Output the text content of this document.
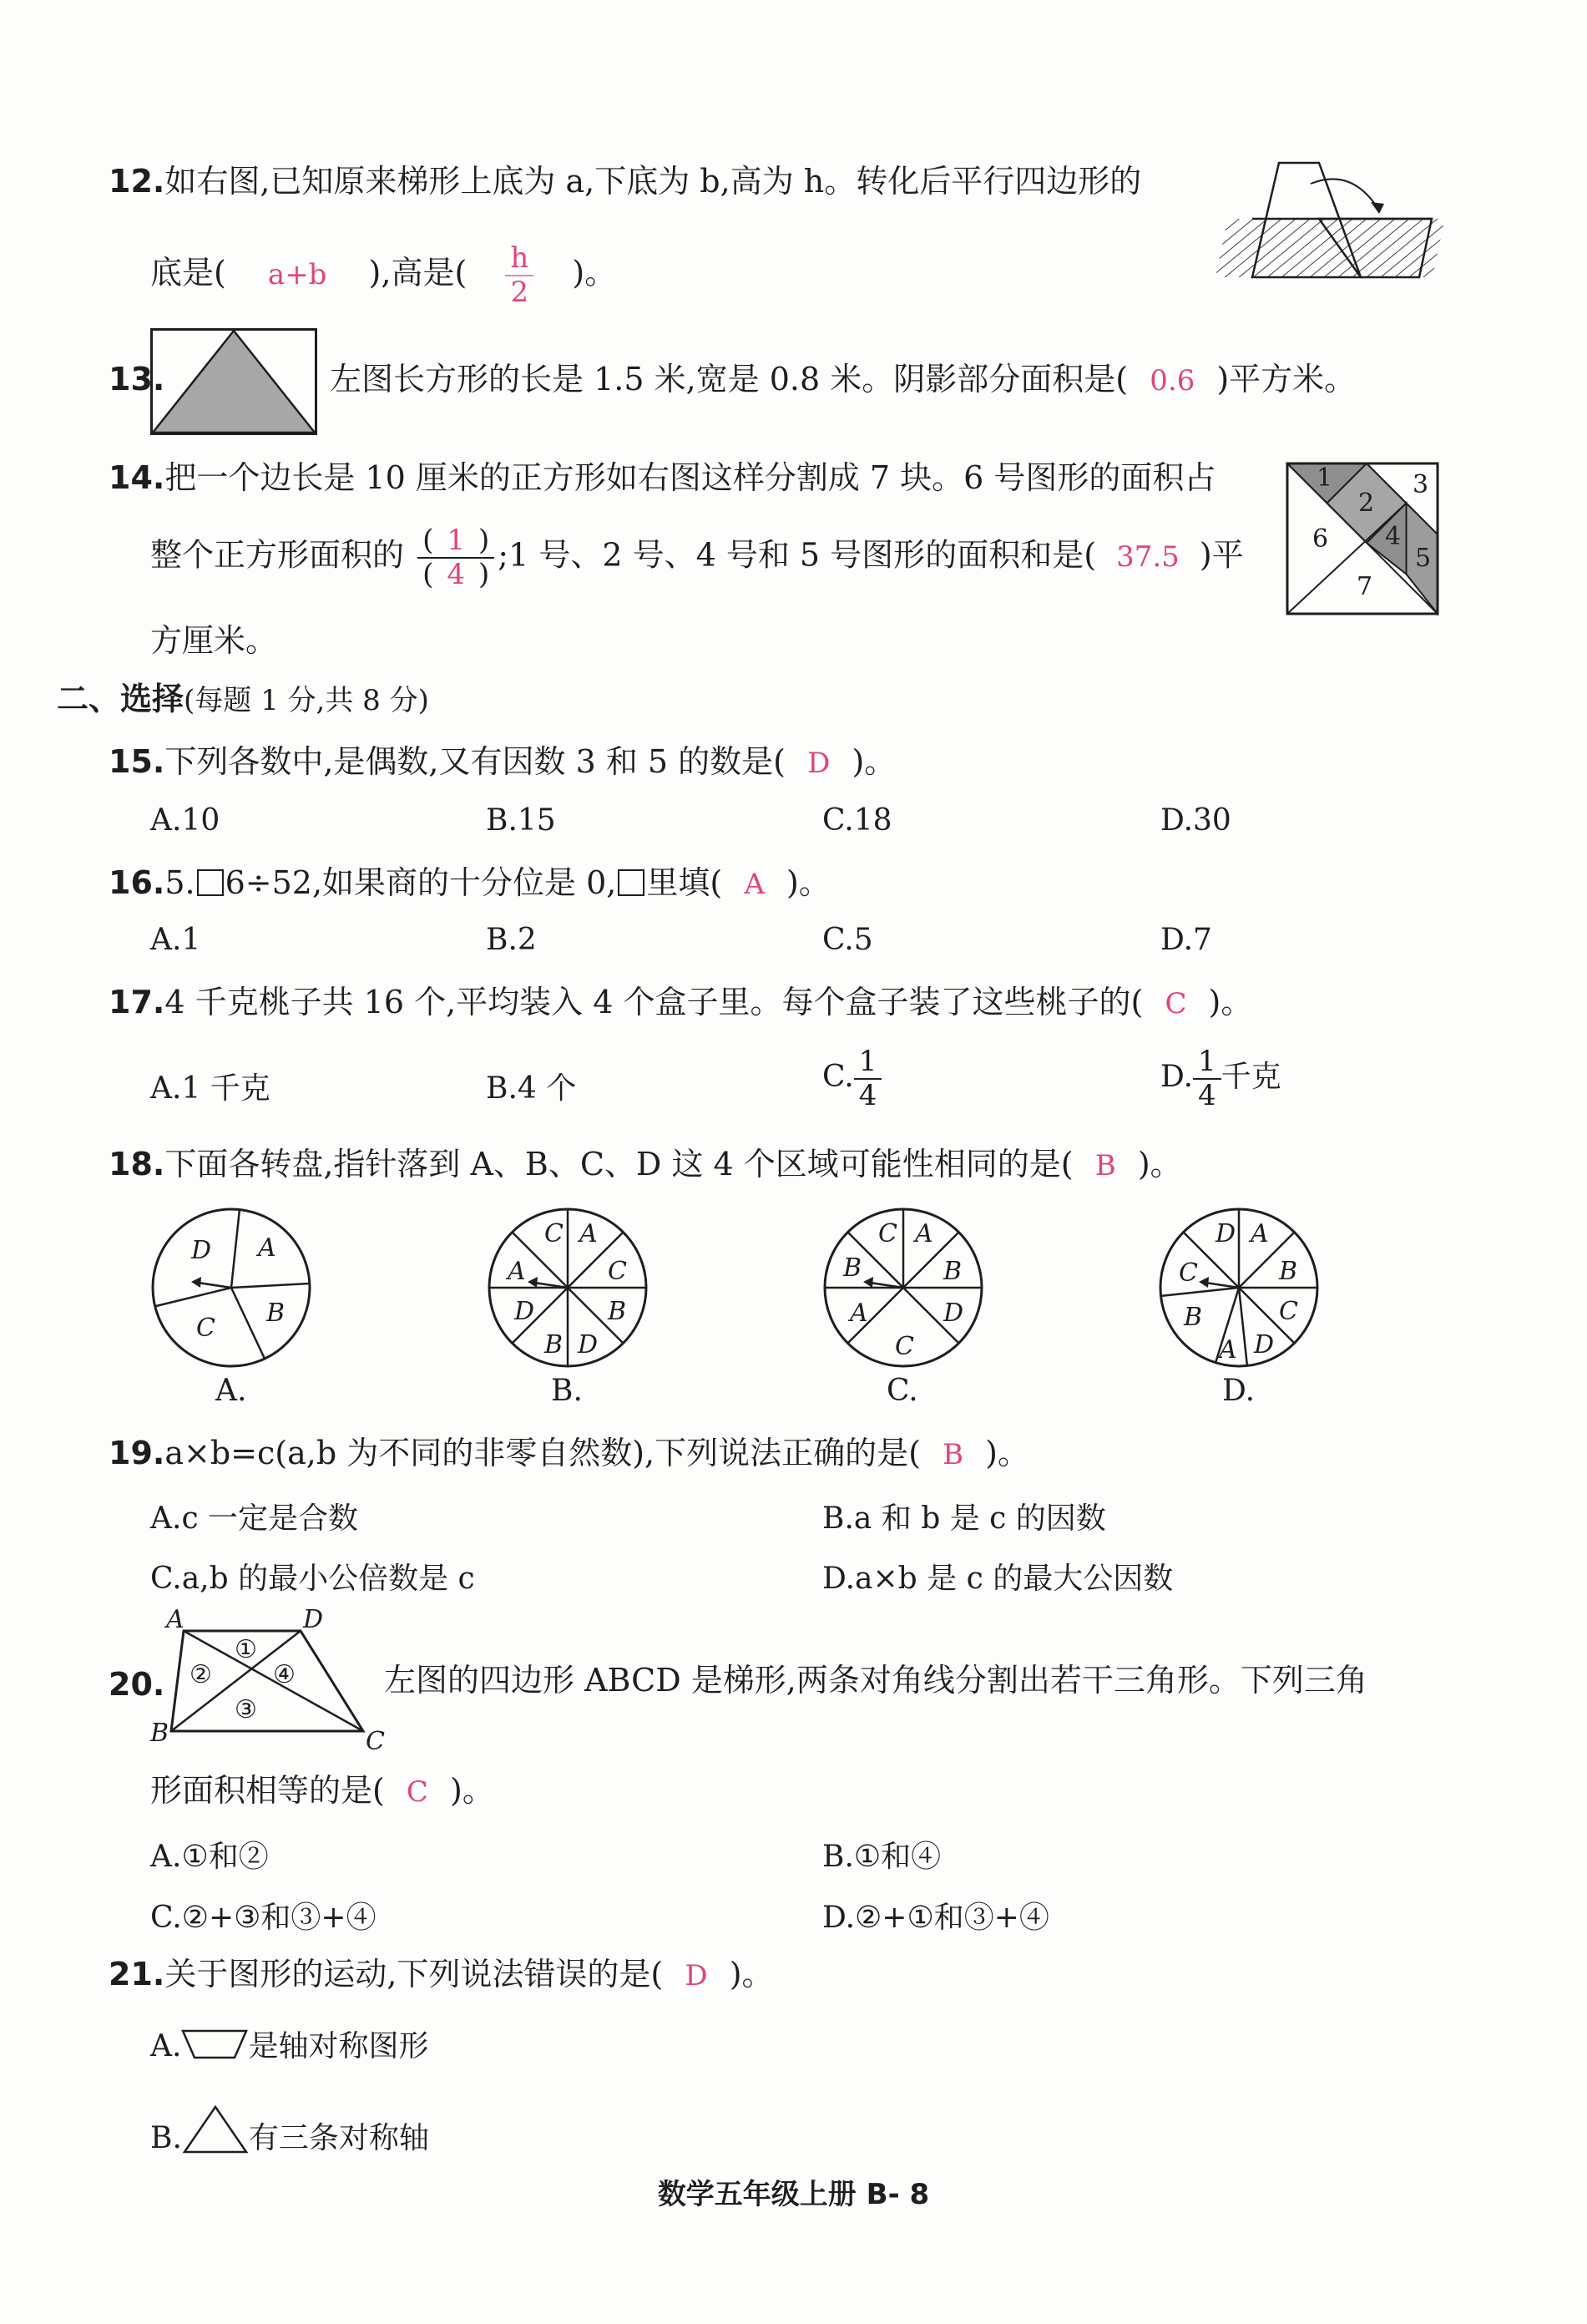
12.如右图,已知原来梯形上底为 a,下底为 b,高为 h。转化后平行四边形的
底是( a+b ),高是( $\frac{h}{2}$ )。
13.	左图长方形的长是 1.5 米,宽是 0.8 米。阴影部分面积是( 0.6 )平方米。
14.把一个边长是 10 厘米的正方形如右图这样分割成 7 块。6 号图形的面积占
整个正方形面积的 $\frac{( 1 )}{( 4 )}$ ;1 号、2 号、4 号和 5 号图形的面积和是( 37.5 )平
方厘米。
1
2
3
4
5
6
7
二、选择(每题 1 分,共 8 分)
15.下列各数中,是偶数,又有因数 3 和 5 的数是( D )。
A.10	B.15	C.18	D.30
16.5. 6÷52,如果商的十分位是 0, 里填( A )。
A.1	B.2	C.5	D.7
17.4 千克桃子共 16 个,平均装入 4 个盒子里。每个盒子装了这些桃子的( C )。
A.1 千克	B.4 个	C. $\frac{1}{4}$	D. $\frac{1}{4}$ 千克
18.下面各转盘,指针落到 A、B、C、D 这 4 个区域可能性相同的是( B )。
D A
B
C
A.
C A
C
B
D
B
D
A
B.
C A
B
D
C
A
B
C.
D A
B
C
D
A
B
C
D.
19.a×b=c(a,b 为不同的非零自然数),下列说法正确的是( B )。
A.c 一定是合数	B.a 和 b 是 c 的因数
C.a,b 的最小公倍数是 c	D.a×b 是 c 的最大公因数
20.
A	D
B	C
①
②
③
④	左图的四边形 ABCD 是梯形,两条对角线分割出若干三角形。下列三角
形面积相等的是( C )。
A.①和②	B.①和④
C.②+③和③+④	D.②+①和③+④
21.关于图形的运动,下列说法错误的是( D )。
A. 是轴对称图形
B. 有三条对称轴
数学五年级上册 B- 8
